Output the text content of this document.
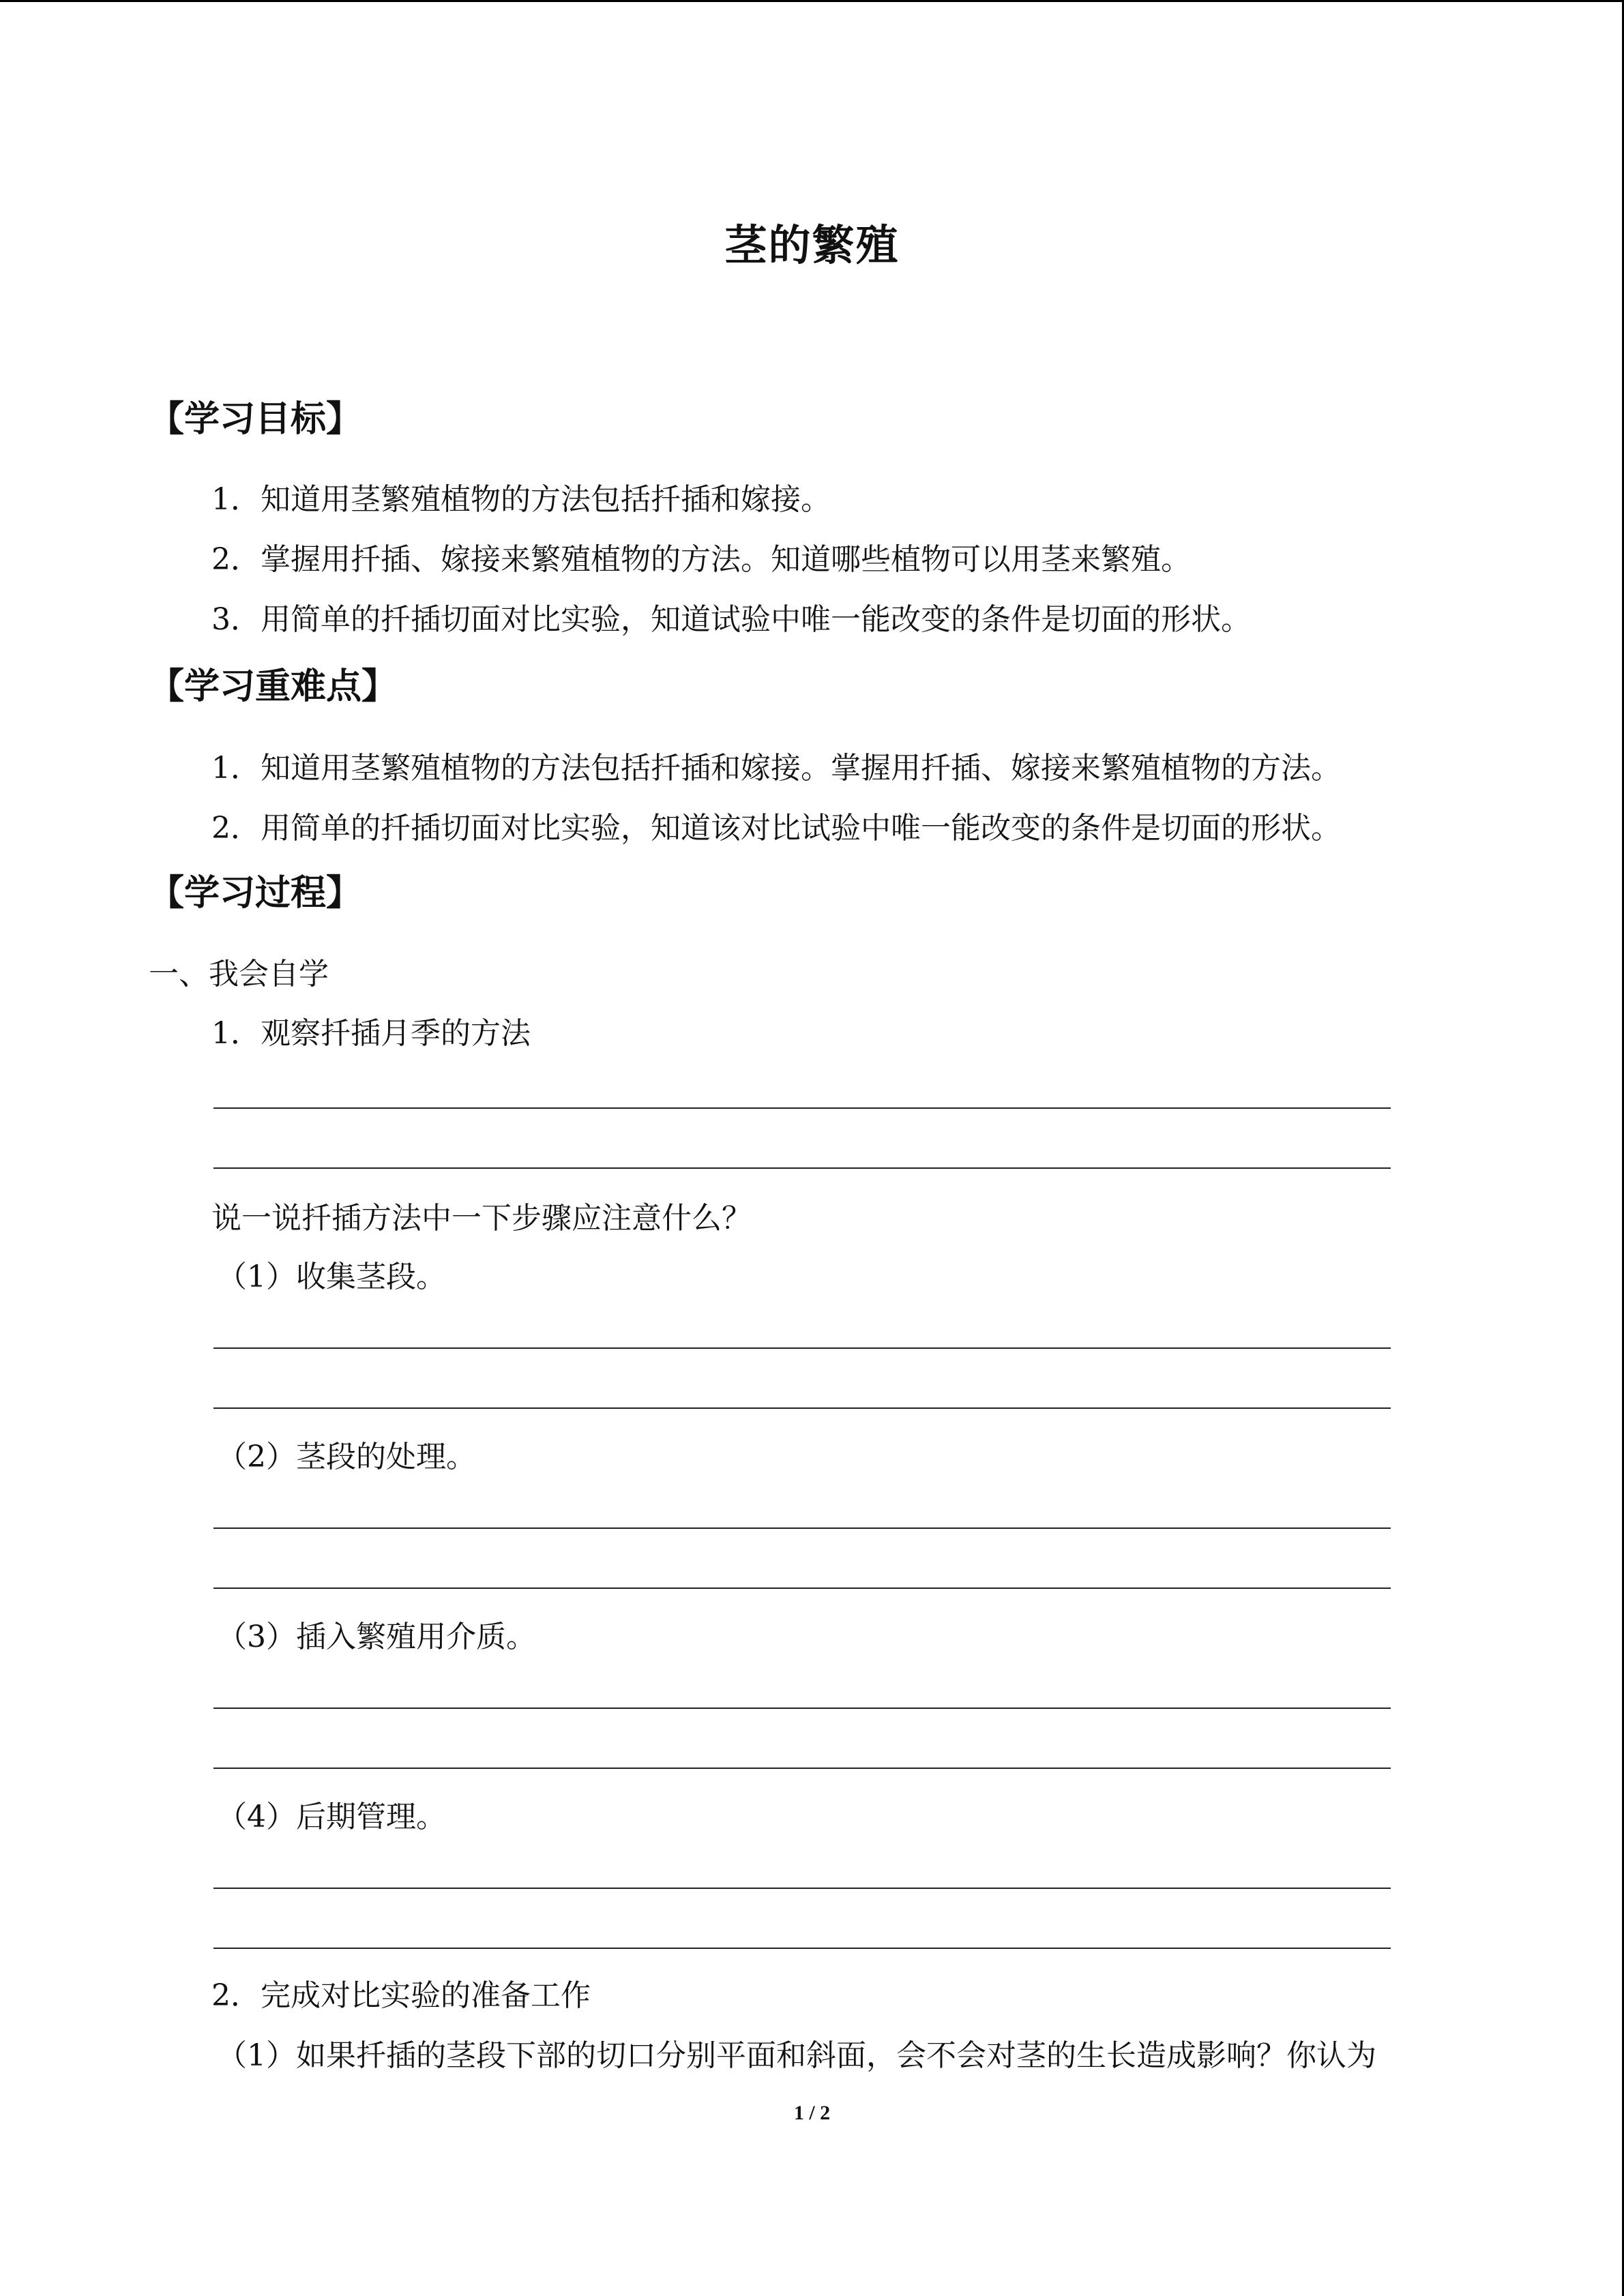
茎的繁殖
【学习目标】
1．知道用茎繁殖植物的方法包括扦插和嫁接。
2．掌握用扦插、嫁接来繁殖植物的方法。知道哪些植物可以用茎来繁殖。
3．用简单的扦插切面对比实验，知道试验中唯一能改变的条件是切面的形状。
【学习重难点】
1．知道用茎繁殖植物的方法包括扦插和嫁接。掌握用扦插、嫁接来繁殖植物的方法。
2．用简单的扦插切面对比实验，知道该对比试验中唯一能改变的条件是切面的形状。
【学习过程】
一、我会自学
1．观察扦插月季的方法
说一说扦插方法中一下步骤应注意什么？
（1）收集茎段。
（2）茎段的处理。
（3）插入繁殖用介质。
（4）后期管理。
2．完成对比实验的准备工作
（1）如果扦插的茎段下部的切口分别平面和斜面，会不会对茎的生长造成影响？你认为
1 / 2
